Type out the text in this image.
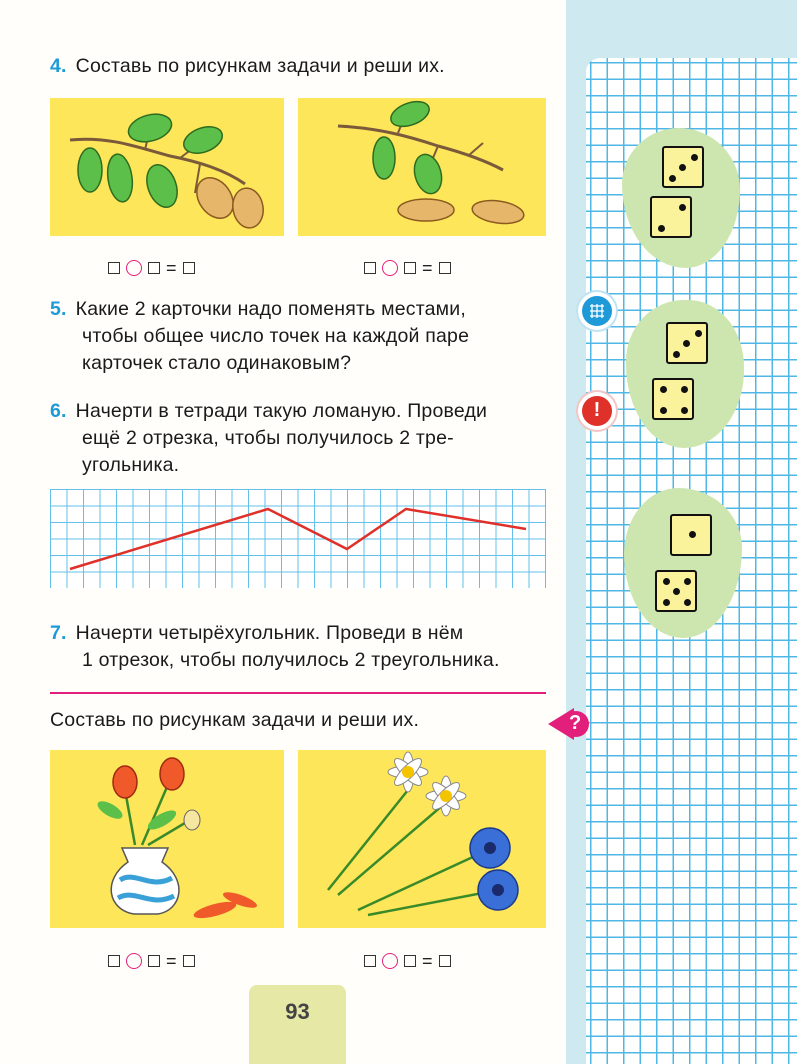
4. Составь по рисункам задачи и реши их.
=	=
5. Какие 2 карточки надо поменять местами,
чтобы общее число точек на каждой паре
карточек стало одинаковым?
6. Начерти в тетради такую ломаную. Проведи
ещё 2 отрезка, чтобы получилось 2 тре-
угольника.
7. Начерти четырёхугольник. Проведи в нём
1 отрезок, чтобы получилось 2 треугольника.
Составь по рисункам задачи и реши их.	?
=	=
93
!
